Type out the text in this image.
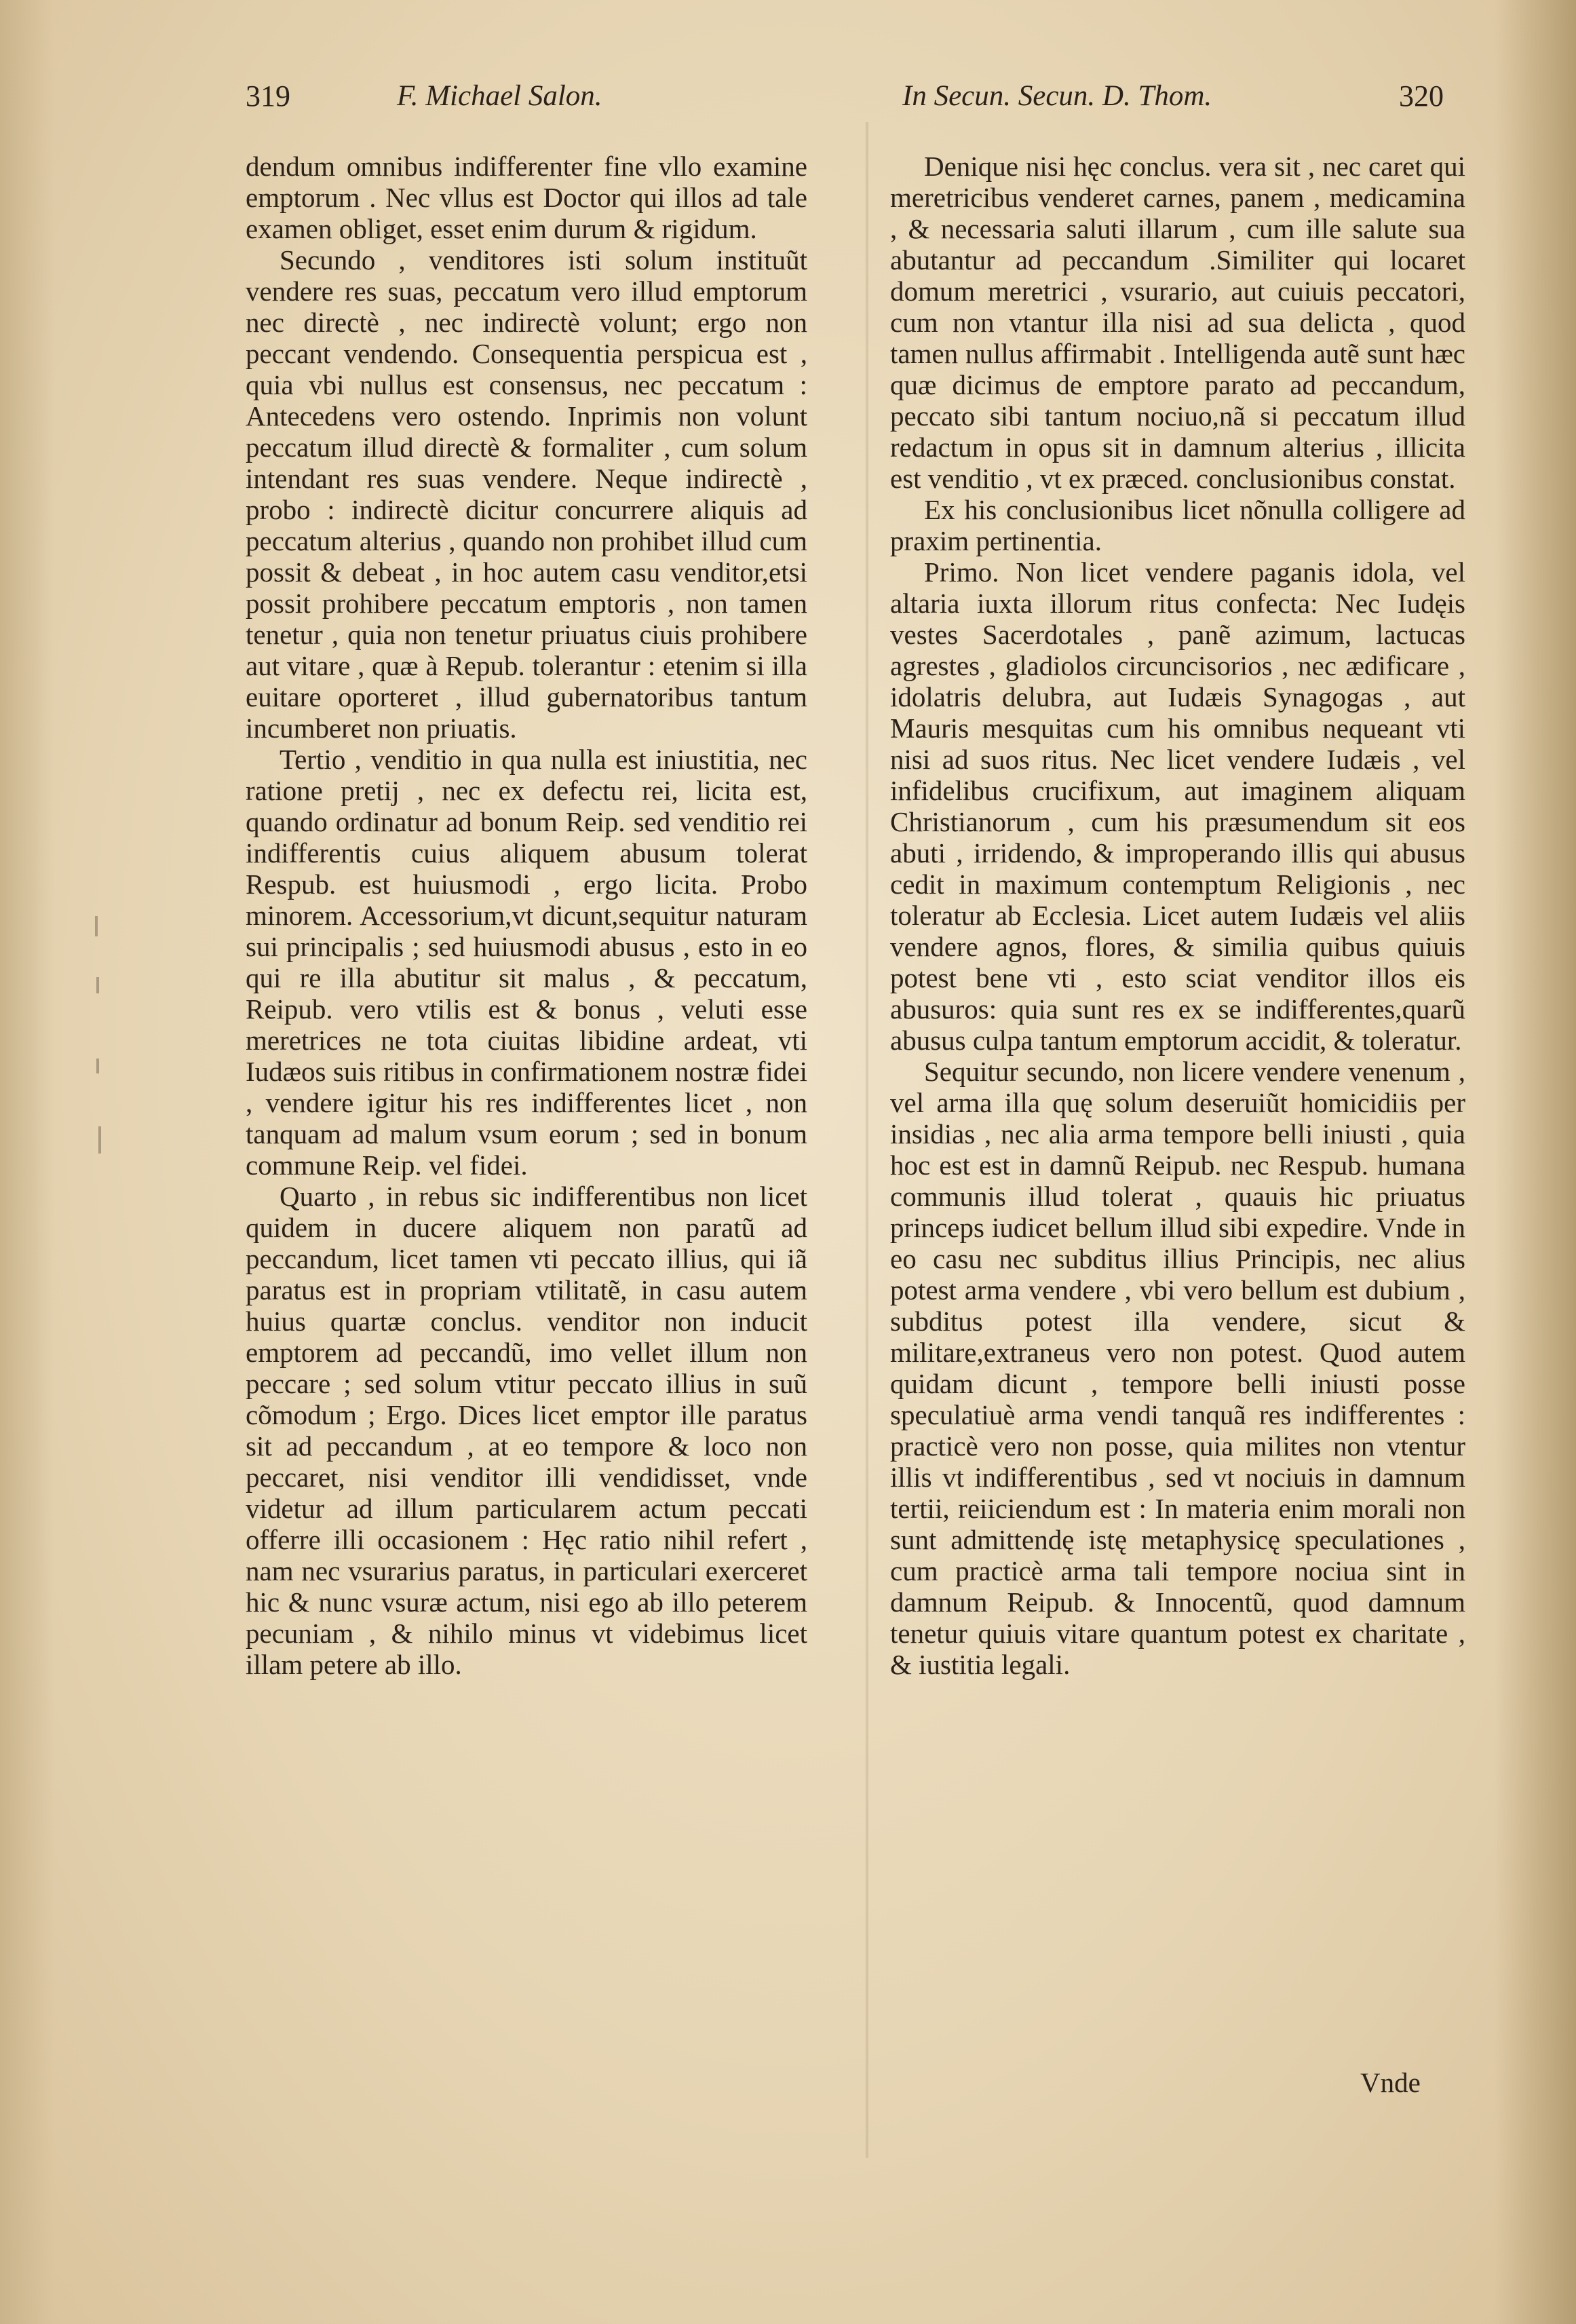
319	F. Michael Salon.	In Secun. Secun. D. Thom.	320

dendum omnibus indifferenter fine vllo examine emptorum . Nec vllus est Doctor qui illos ad tale examen obliget, esset enim durum & rigidum.

Secundo , venditores isti solum instituũt vendere res suas, peccatum vero illud emptorum nec directè , nec indirectè volunt; ergo non peccant vendendo. Consequentia perspicua est , quia vbi nullus est consensus, nec peccatum : Antecedens vero ostendo. Inprimis non volunt peccatum illud directè & formaliter , cum solum intendant res suas vendere. Neque indirectè , probo : indirectè dicitur concurrere aliquis ad peccatum alterius , quando non prohibet illud cum possit & debeat , in hoc autem casu venditor,etsi possit prohibere peccatum emptoris , non tamen tenetur , quia non tenetur priuatus ciuis prohibere aut vitare , quæ à Repub. tolerantur : etenim si illa euitare oporteret , illud gubernatoribus tantum incumberet non priuatis.

Tertio , venditio in qua nulla est iniustitia, nec ratione pretij , nec ex defectu rei, licita est, quando ordinatur ad bonum Reip. sed venditio rei indifferentis cuius aliquem abusum tolerat Respub. est huiusmodi , ergo licita. Probo minorem. Accessorium,vt dicunt,sequitur naturam sui principalis ; sed huiusmodi abusus , esto in eo qui re illa abutitur sit malus , & peccatum, Reipub. vero vtilis est & bonus , veluti esse meretrices ne tota ciuitas libidine ardeat, vti Iudæos suis ritibus in confirmationem nostræ fidei , vendere igitur his res indifferentes licet , non tanquam ad malum vsum eorum ; sed in bonum commune Reip. vel fidei.

Quarto , in rebus sic indifferentibus non licet quidem in ducere aliquem non paratũ ad peccandum, licet tamen vti peccato illius, qui iã paratus est in propriam vtilitatẽ, in casu autem huius quartæ conclus. venditor non inducit emptorem ad peccandũ, imo vellet illum non peccare ; sed solum vtitur peccato illius in suũ cõmodum ; Ergo. Dices licet emptor ille paratus sit ad peccandum , at eo tempore & loco non peccaret, nisi venditor illi vendidisset, vnde videtur ad illum particularem actum peccati offerre illi occasionem : Hęc ratio nihil refert , nam nec vsurarius paratus, in particulari exerceret hic & nunc vsuræ actum, nisi ego ab illo peterem pecuniam , & nihilo minus vt videbimus licet illam petere ab illo.

Denique nisi hęc conclus. vera sit , nec caret qui meretricibus venderet carnes, panem , medicamina , & necessaria saluti illarum , cum ille salute sua abutantur ad peccandum .Similiter qui locaret domum meretrici , vsurario, aut cuiuis peccatori, cum non vtantur illa nisi ad sua delicta , quod tamen nullus affirmabit . Intelligenda autẽ sunt hæc quæ dicimus de emptore parato ad peccandum, peccato sibi tantum nociuo,nã si peccatum illud redactum in opus sit in damnum alterius , illicita est venditio , vt ex præced. conclusionibus constat.

Ex his conclusionibus licet nõnulla colligere ad praxim pertinentia.

Primo. Non licet vendere paganis idola, vel altaria iuxta illorum ritus confecta: Nec Iudęis vestes Sacerdotales , panẽ azimum, lactucas agrestes , gladiolos circuncisorios , nec ædificare , idolatris delubra, aut Iudæis Synagogas , aut Mauris mesquitas cum his omnibus nequeant vti nisi ad suos ritus. Nec licet vendere Iudæis , vel infidelibus crucifixum, aut imaginem aliquam Christianorum , cum his præsumendum sit eos abuti , irridendo, & improperando illis qui abusus cedit in maximum contemptum Religionis , nec toleratur ab Ecclesia. Licet autem Iudæis vel aliis vendere agnos, flores, & similia quibus quiuis potest bene vti , esto sciat venditor illos eis abusuros: quia sunt res ex se indifferentes,quarũ abusus culpa tantum emptorum accidit, & toleratur.

Sequitur secundo, non licere vendere venenum , vel arma illa quę solum deseruiũt homicidiis per insidias , nec alia arma tempore belli iniusti , quia hoc est est in damnũ Reipub. nec Respub. humana communis illud tolerat , quauis hic priuatus princeps iudicet bellum illud sibi expedire. Vnde in eo casu nec subditus illius Principis, nec alius potest arma vendere , vbi vero bellum est dubium , subditus potest illa vendere, sicut & militare,extraneus vero non potest. Quod autem quidam dicunt , tempore belli iniusti posse speculatiuè arma vendi tanquã res indifferentes : practicè vero non posse, quia milites non vtentur illis vt indifferentibus , sed vt nociuis in damnum tertii, reiiciendum est : In materia enim morali non sunt admittendę istę metaphysicę speculationes , cum practicè arma tali tempore nociua sint in damnum Reipub. & Innocentũ, quod damnum tenetur quiuis vitare quantum potest ex charitate , & iustitia legali.

Vnde
